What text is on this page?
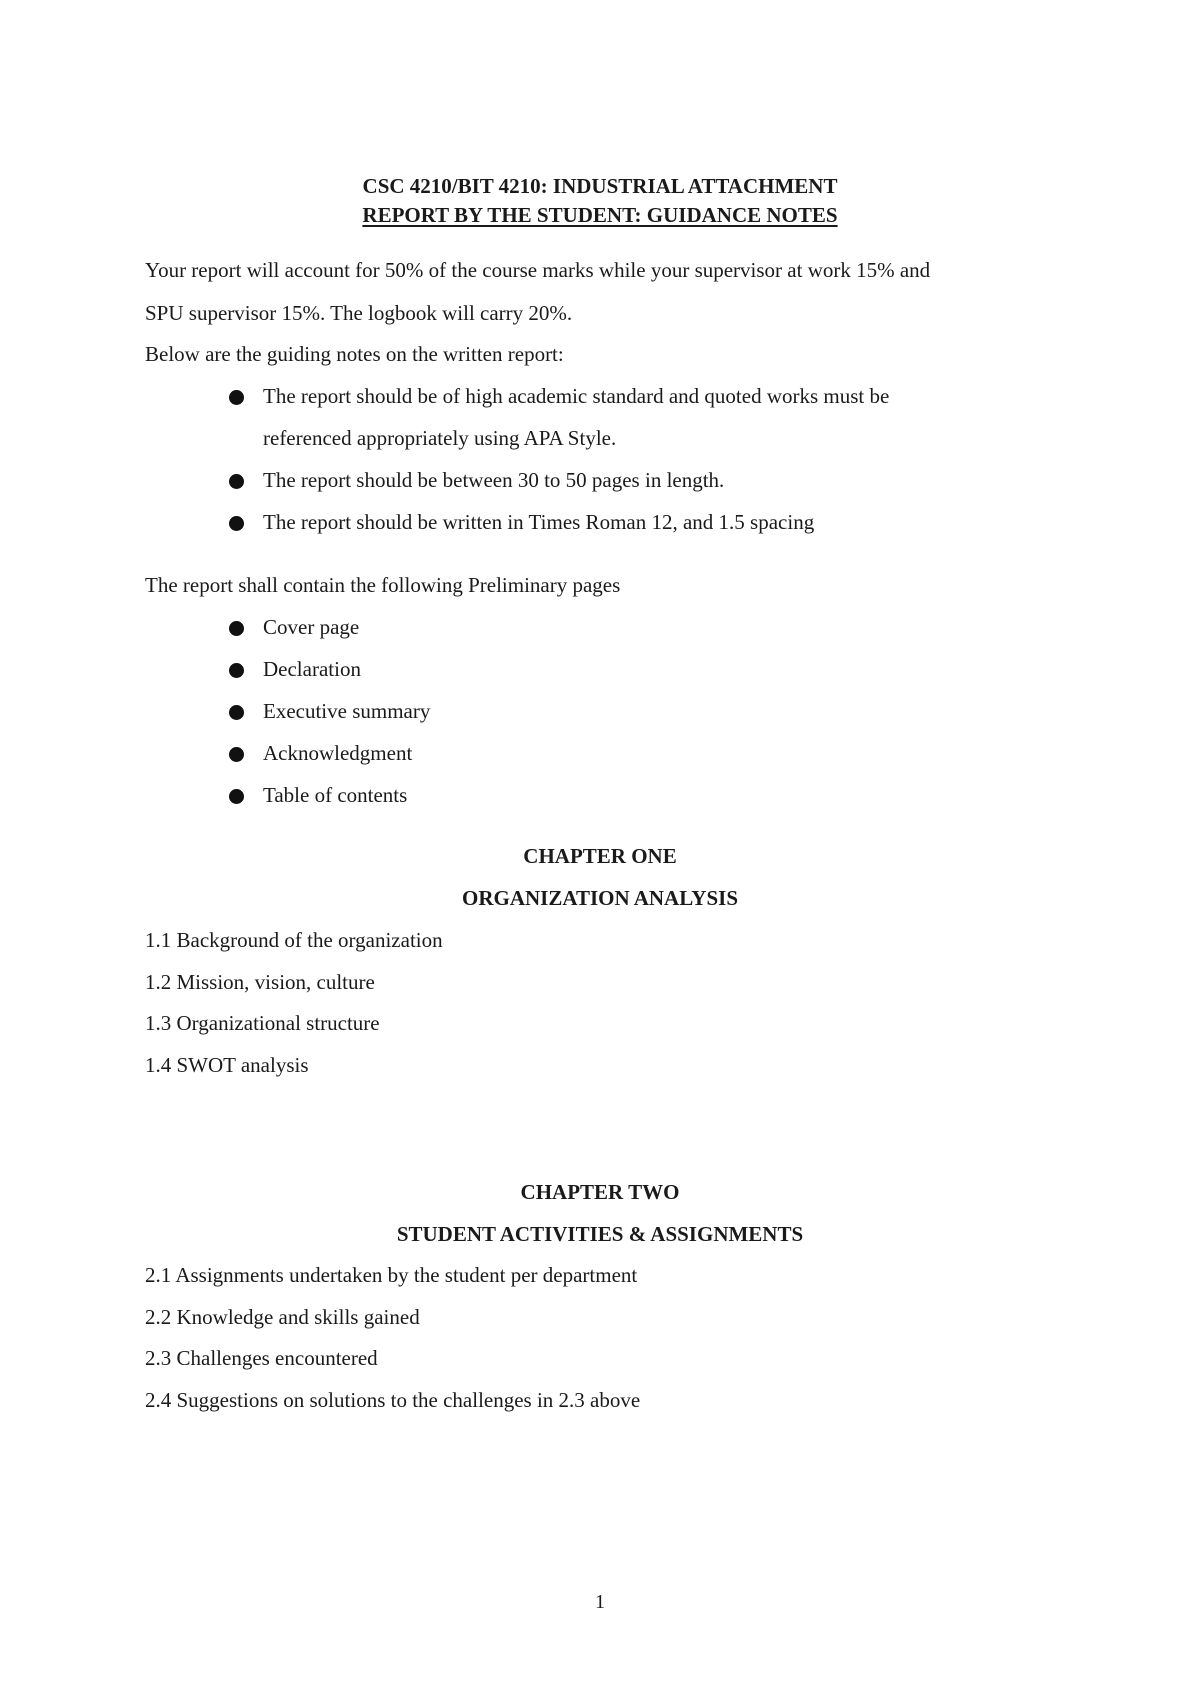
CSC 4210/BIT 4210: INDUSTRIAL ATTACHMENT
REPORT BY THE STUDENT: GUIDANCE NOTES
Your report will account for 50% of the course marks while your supervisor at work 15% and
SPU supervisor 15%. The logbook will carry 20%.
Below are the guiding notes on the written report:
The report should be of high academic standard and quoted works must be
referenced appropriately using APA Style.
The report should be between 30 to 50 pages in length.
The report should be written in Times Roman 12, and 1.5 spacing
The report shall contain the following Preliminary pages
Cover page
Declaration
Executive summary
Acknowledgment
Table of contents
CHAPTER ONE
ORGANIZATION ANALYSIS
1.1 Background of the organization
1.2 Mission, vision, culture
1.3 Organizational structure
1.4 SWOT analysis
CHAPTER TWO
STUDENT ACTIVITIES & ASSIGNMENTS
2.1 Assignments undertaken by the student per department
2.2 Knowledge and skills gained
2.3 Challenges encountered
2.4 Suggestions on solutions to the challenges in 2.3 above
1
